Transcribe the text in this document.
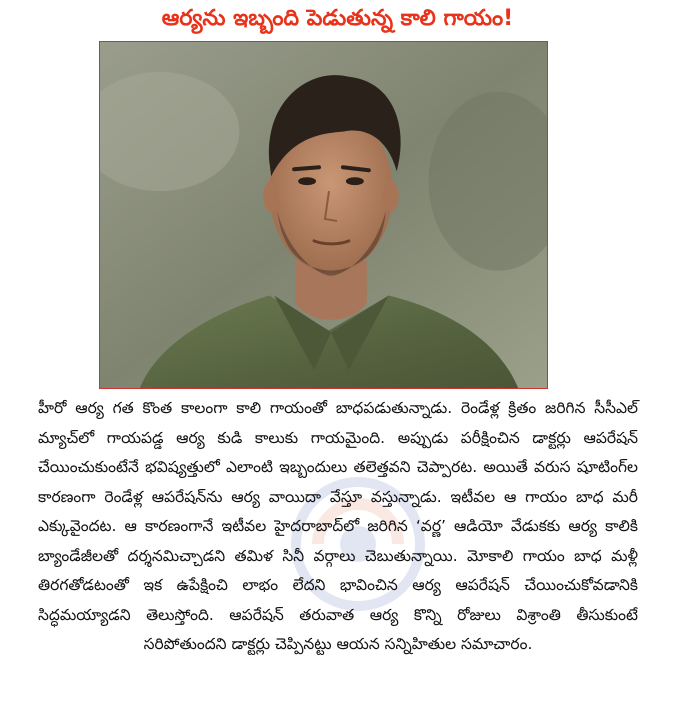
ఆర్యను ఇబ్బంది పెడుతున్న కాలి గాయం!

హీరో ఆర్య గత కొంత కాలంగా కాలి గాయంతో బాధపడుతున్నాడు. రెండేళ్ల క్రితం జరిగిన సీసీఎల్ మ్యాచ్‌లో గాయపడ్డ ఆర్య కుడి కాలుకు గాయమైంది. అప్పుడు పరీక్షించిన డాక్టర్లు ఆపరేషన్ చేయించుకుంటేనే భవిష్యత్తులో ఎలాంటి ఇబ్బందులు తలెత్తవని చెప్పారట. అయితే వరుస షూటింగ్‌ల కారణంగా రెండేళ్ల ఆపరేషన్‌ను ఆర్య వాయిదా వేస్తూ వస్తున్నాడు. ఇటీవల ఆ గాయం బాధ మరీ ఎక్కువైందట. ఆ కారణంగానే ఇటీవల హైదరాబాద్‌లో జరిగిన ‘వర్ణ’ ఆడియో వేడుకకు ఆర్య కాలికి బ్యాండేజీలతో దర్శనమిచ్చాడని తమిళ సినీ వర్గాలు చెబుతున్నాయి. మోకాలి గాయం బాధ మళ్లీ తిరగతోడటంతో ఇక ఉపేక్షించి లాభం లేదని భావించిన ఆర్య ఆపరేషన్ చేయించుకోవడానికి సిద్ధమయ్యాడని తెలుస్తోంది. ఆపరేషన్ తరువాత ఆర్య కొన్ని రోజులు విశ్రాంతి తీసుకుంటే సరిపోతుందని డాక్టర్లు చెప్పినట్టు ఆయన సన్నిహితుల సమాచారం.
